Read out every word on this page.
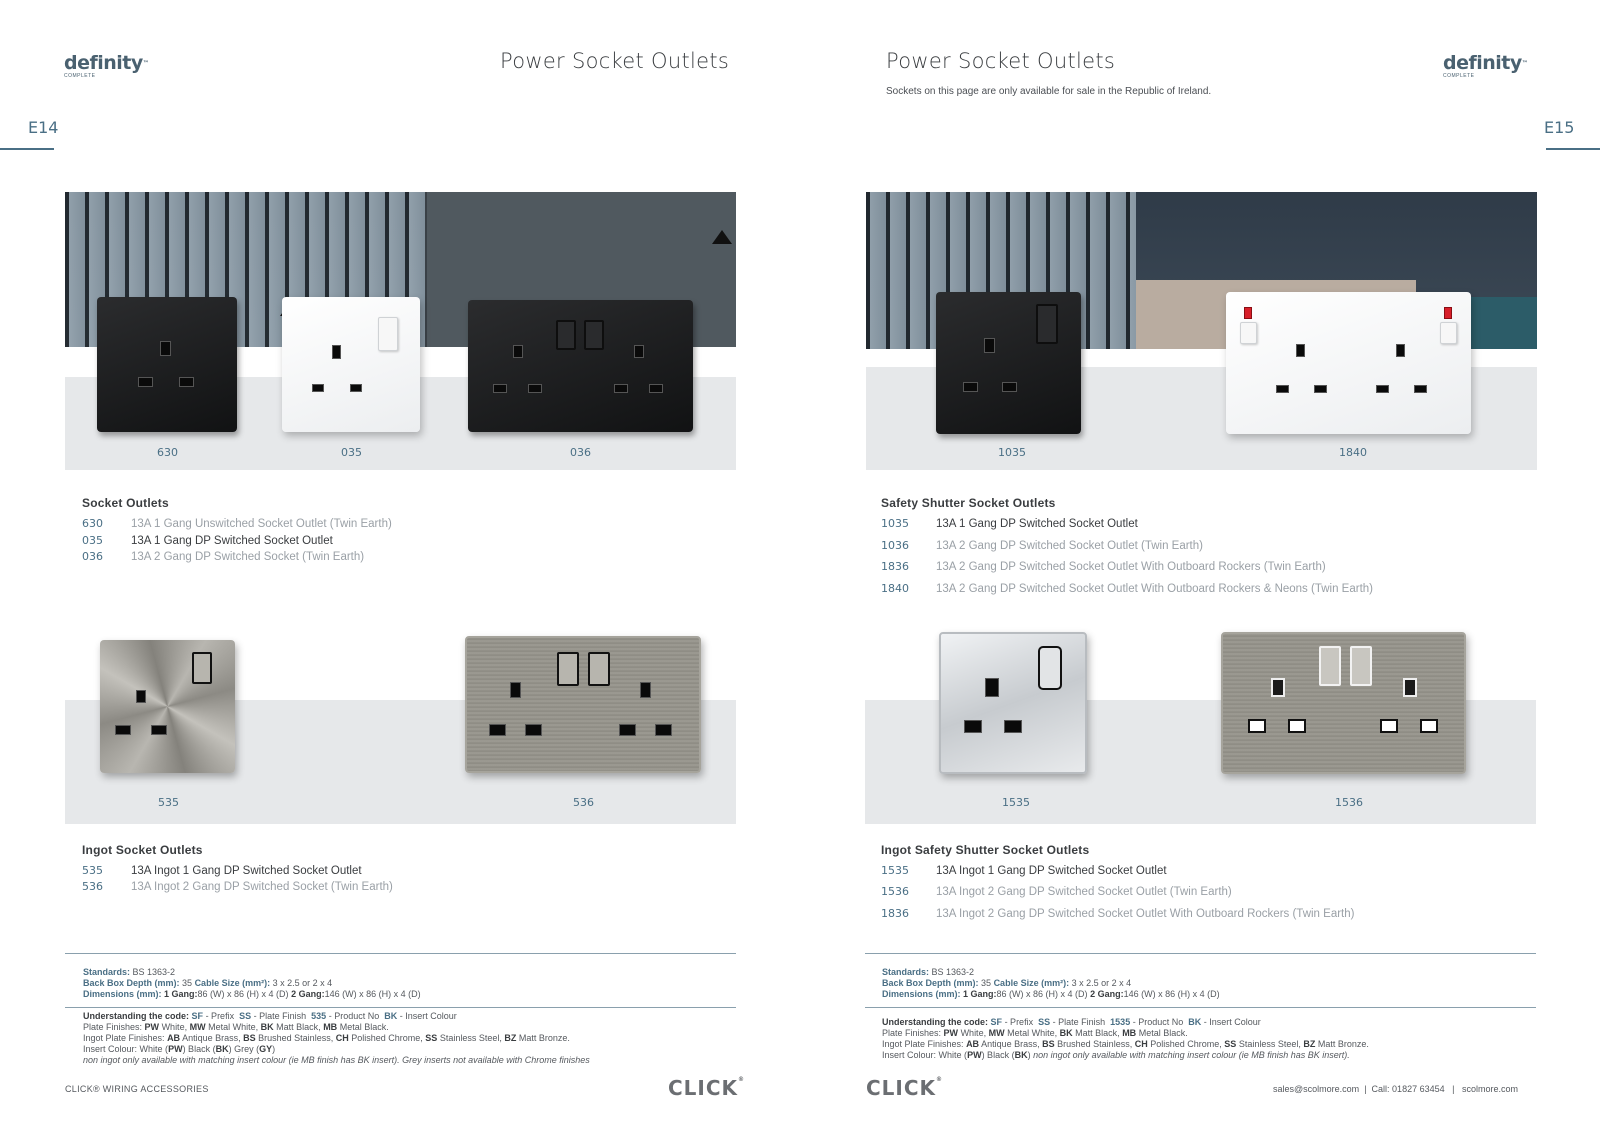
definity™
COMPLETE
Power Socket Outlets
E14
630	035	036
Socket Outlets
630 13A 1 Gang Unswitched Socket Outlet (Twin Earth)
035 13A 1 Gang DP Switched Socket Outlet
036 13A 2 Gang DP Switched Socket (Twin Earth)
535	536
Ingot Socket Outlets
535 13A Ingot 1 Gang DP Switched Socket Outlet
536 13A Ingot 2 Gang DP Switched Socket (Twin Earth)
Standards: BS 1363-2
Back Box Depth (mm): 35 Cable Size (mm²): 3 x 2.5 or 2 x 4
Dimensions (mm): 1 Gang:86 (W) x 86 (H) x 4 (D) 2 Gang:146 (W) x 86 (H) x 4 (D)
Understanding the code: SF - Prefix SS - Plate Finish 535 - Product No BK - Insert Colour
Plate Finishes: PW White, MW Metal White, BK Matt Black, MB Metal Black.
Ingot Plate Finishes: AB Antique Brass, BS Brushed Stainless, CH Polished Chrome, SS Stainless Steel, BZ Matt Bronze.
Insert Colour: White (PW) Black (BK) Grey (GY)
non ingot only available with matching insert colour (ie MB finish has BK insert). Grey inserts not available with Chrome finishes
CLICK® WIRING ACCESSORIES	CLICK®
Power Socket Outlets
Sockets on this page are only available for sale in the Republic of Ireland.
definity™
COMPLETE
E15
1035	1840
Safety Shutter Socket Outlets
1035 13A 1 Gang DP Switched Socket Outlet
1036 13A 2 Gang DP Switched Socket Outlet (Twin Earth)
1836 13A 2 Gang DP Switched Socket Outlet With Outboard Rockers (Twin Earth)
1840 13A 2 Gang DP Switched Socket Outlet With Outboard Rockers & Neons (Twin Earth)
1535	1536
Ingot Safety Shutter Socket Outlets
1535 13A Ingot 1 Gang DP Switched Socket Outlet
1536 13A Ingot 2 Gang DP Switched Socket Outlet (Twin Earth)
1836 13A Ingot 2 Gang DP Switched Socket Outlet With Outboard Rockers (Twin Earth)
Standards: BS 1363-2
Back Box Depth (mm): 35 Cable Size (mm²): 3 x 2.5 or 2 x 4
Dimensions (mm): 1 Gang:86 (W) x 86 (H) x 4 (D) 2 Gang:146 (W) x 86 (H) x 4 (D)
Understanding the code: SF - Prefix SS - Plate Finish 1535 - Product No BK - Insert Colour
Plate Finishes: PW White, MW Metal White, BK Matt Black, MB Metal Black.
Ingot Plate Finishes: AB Antique Brass, BS Brushed Stainless, CH Polished Chrome, SS Stainless Steel, BZ Matt Bronze.
Insert Colour: White (PW) Black (BK) non ingot only available with matching insert colour (ie MB finish has BK insert).
CLICK®
sales@scolmore.com | Call: 01827 63454 | scolmore.com
